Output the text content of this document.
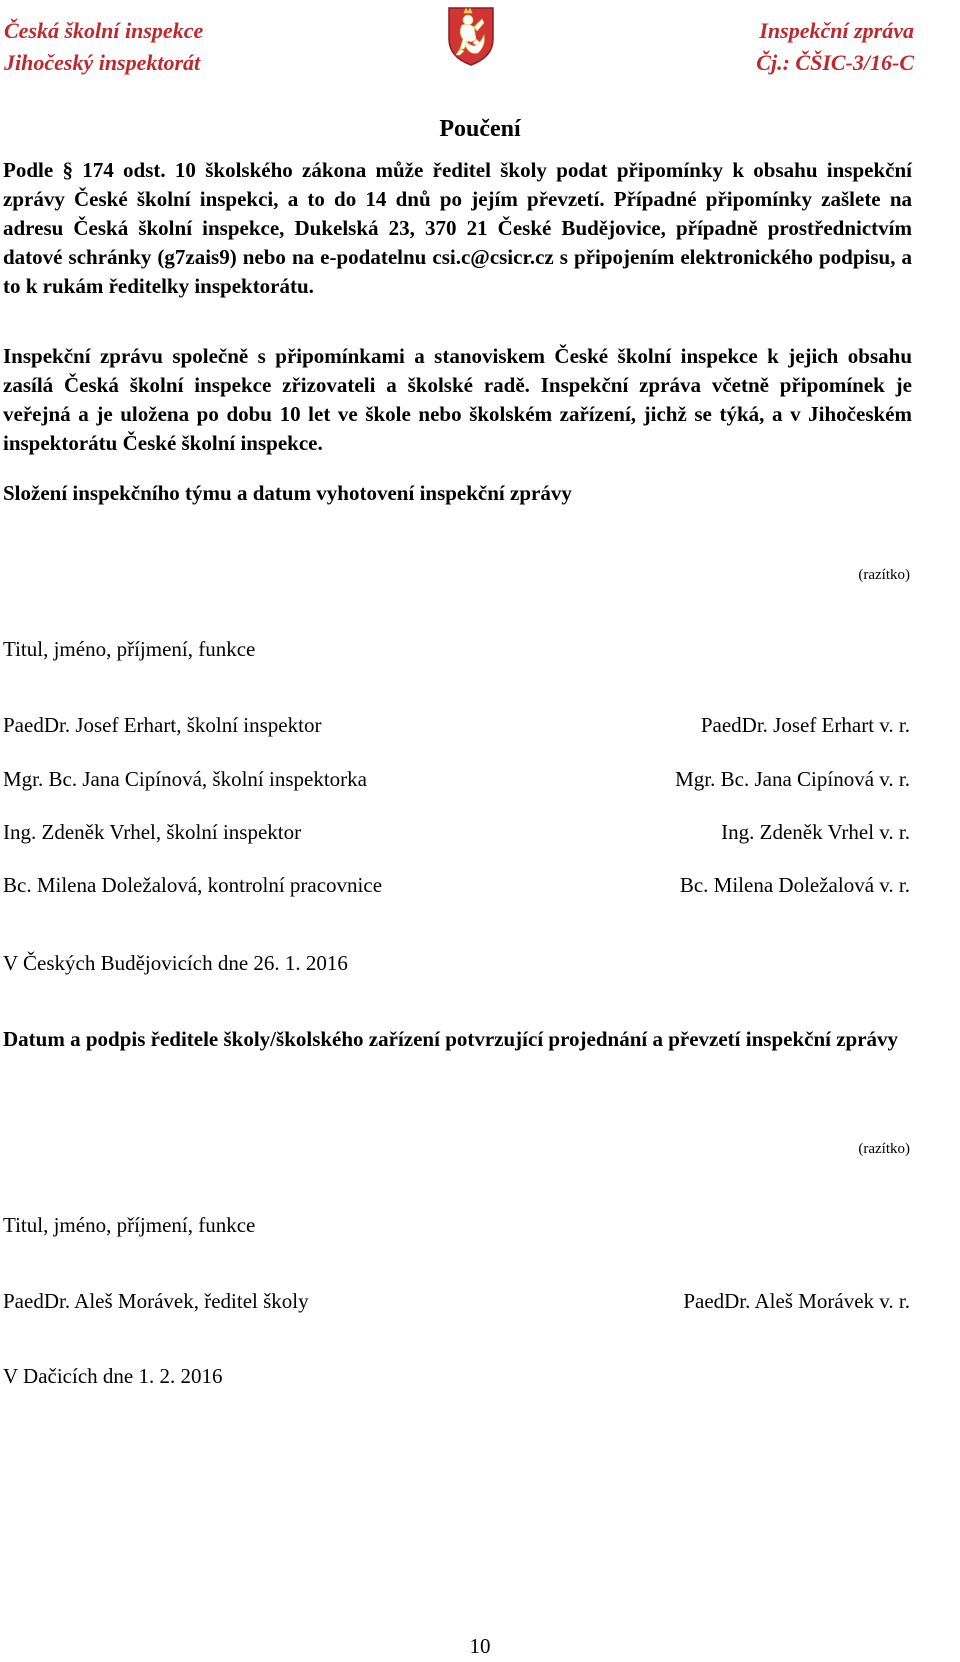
Česká školní inspekce
Jihočeský inspektorát
Inspekční zpráva
Čj.: ČŠIC-3/16-C
Poučení
Podle § 174 odst. 10 školského zákona může ředitel školy podat připomínky k obsahu inspekční zprávy České školní inspekci, a to do 14 dnů po jejím převzetí. Případné připomínky zašlete na adresu Česká školní inspekce, Dukelská 23, 370 21 České Budějovice, případně prostřednictvím datové schránky (g7zais9) nebo na e-podatelnu csi.c@csicr.cz s připojením elektronického podpisu, a to k rukám ředitelky inspektorátu.
Inspekční zprávu společně s připomínkami a stanoviskem České školní inspekce k jejich obsahu zasílá Česká školní inspekce zřizovateli a školské radě. Inspekční zpráva včetně připomínek je veřejná a je uložena po dobu 10 let ve škole nebo školském zařízení, jichž se týká, a v Jihočeském inspektorátu České školní inspekce.
Složení inspekčního týmu a datum vyhotovení inspekční zprávy
(razítko)
Titul, jméno, příjmení, funkce
PaedDr. Josef Erhart, školní inspektor	PaedDr. Josef Erhart v. r.
Mgr. Bc. Jana Cipínová, školní inspektorka	Mgr. Bc. Jana Cipínová v. r.
Ing. Zdeněk Vrhel, školní inspektor	Ing. Zdeněk Vrhel v. r.
Bc. Milena Doležalová, kontrolní pracovnice	Bc. Milena Doležalová v. r.
V Českých Budějovicích dne 26. 1. 2016
Datum a podpis ředitele školy/školského zařízení potvrzující projednání a převzetí inspekční zprávy
(razítko)
Titul, jméno, příjmení, funkce
PaedDr. Aleš Morávek, ředitel školy	PaedDr. Aleš Morávek v. r.
V Dačicích dne 1. 2. 2016
10
